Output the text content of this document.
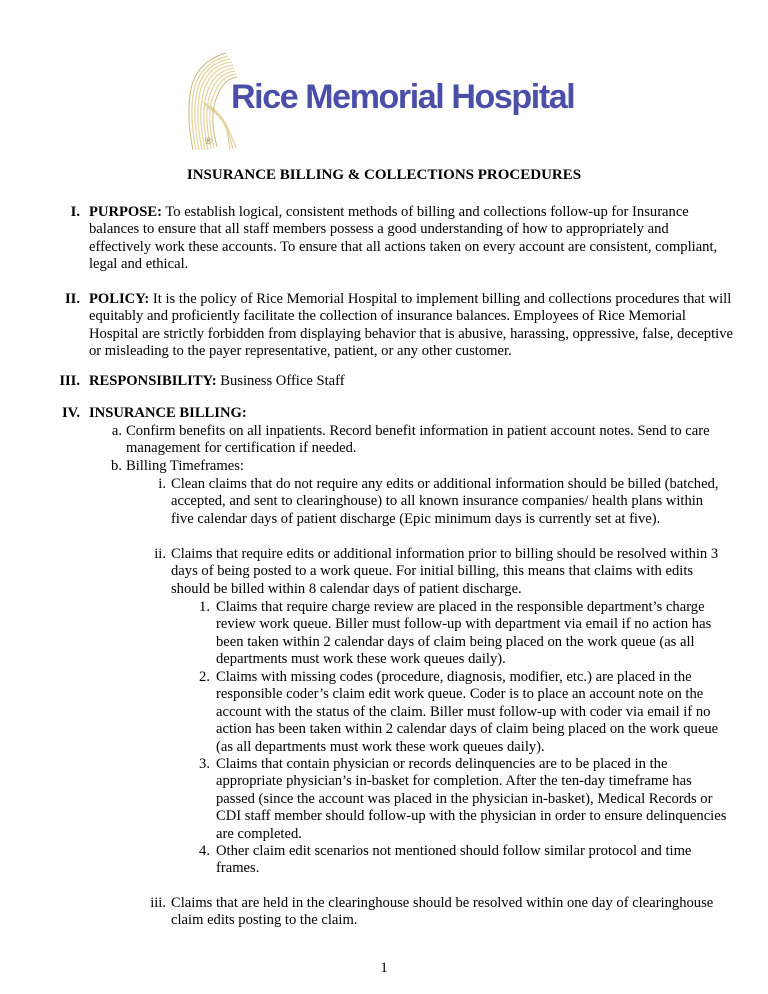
Rice Memorial Hospital
®
INSURANCE BILLING & COLLECTIONS PROCEDURES
I. PURPOSE: To establish logical, consistent methods of billing and collections follow-up for Insurance balances to ensure that all staff members possess a good understanding of how to appropriately and effectively work these accounts. To ensure that all actions taken on every account are consistent, compliant, legal and ethical.
II. POLICY: It is the policy of Rice Memorial Hospital to implement billing and collections procedures that will equitably and proficiently facilitate the collection of insurance balances. Employees of Rice Memorial Hospital are strictly forbidden from displaying behavior that is abusive, harassing, oppressive, false, deceptive or misleading to the payer representative, patient, or any other customer.
III. RESPONSIBILITY: Business Office Staff
IV. INSURANCE BILLING:
a. Confirm benefits on all inpatients. Record benefit information in patient account notes. Send to care management for certification if needed.
b. Billing Timeframes:
i. Clean claims that do not require any edits or additional information should be billed (batched, accepted, and sent to clearinghouse) to all known insurance companies/ health plans within five calendar days of patient discharge (Epic minimum days is currently set at five).
ii. Claims that require edits or additional information prior to billing should be resolved within 3 days of being posted to a work queue. For initial billing, this means that claims with edits should be billed within 8 calendar days of patient discharge.
1. Claims that require charge review are placed in the responsible department’s charge review work queue. Biller must follow-up with department via email if no action has been taken within 2 calendar days of claim being placed on the work queue (as all departments must work these work queues daily).
2. Claims with missing codes (procedure, diagnosis, modifier, etc.) are placed in the responsible coder’s claim edit work queue. Coder is to place an account note on the account with the status of the claim. Biller must follow-up with coder via email if no action has been taken within 2 calendar days of claim being placed on the work queue (as all departments must work these work queues daily).
3. Claims that contain physician or records delinquencies are to be placed in the appropriate physician’s in-basket for completion. After the ten-day timeframe has passed (since the account was placed in the physician in-basket), Medical Records or CDI staff member should follow-up with the physician in order to ensure delinquencies are completed.
4. Other claim edit scenarios not mentioned should follow similar protocol and time frames.
iii. Claims that are held in the clearinghouse should be resolved within one day of clearinghouse claim edits posting to the claim.
1
